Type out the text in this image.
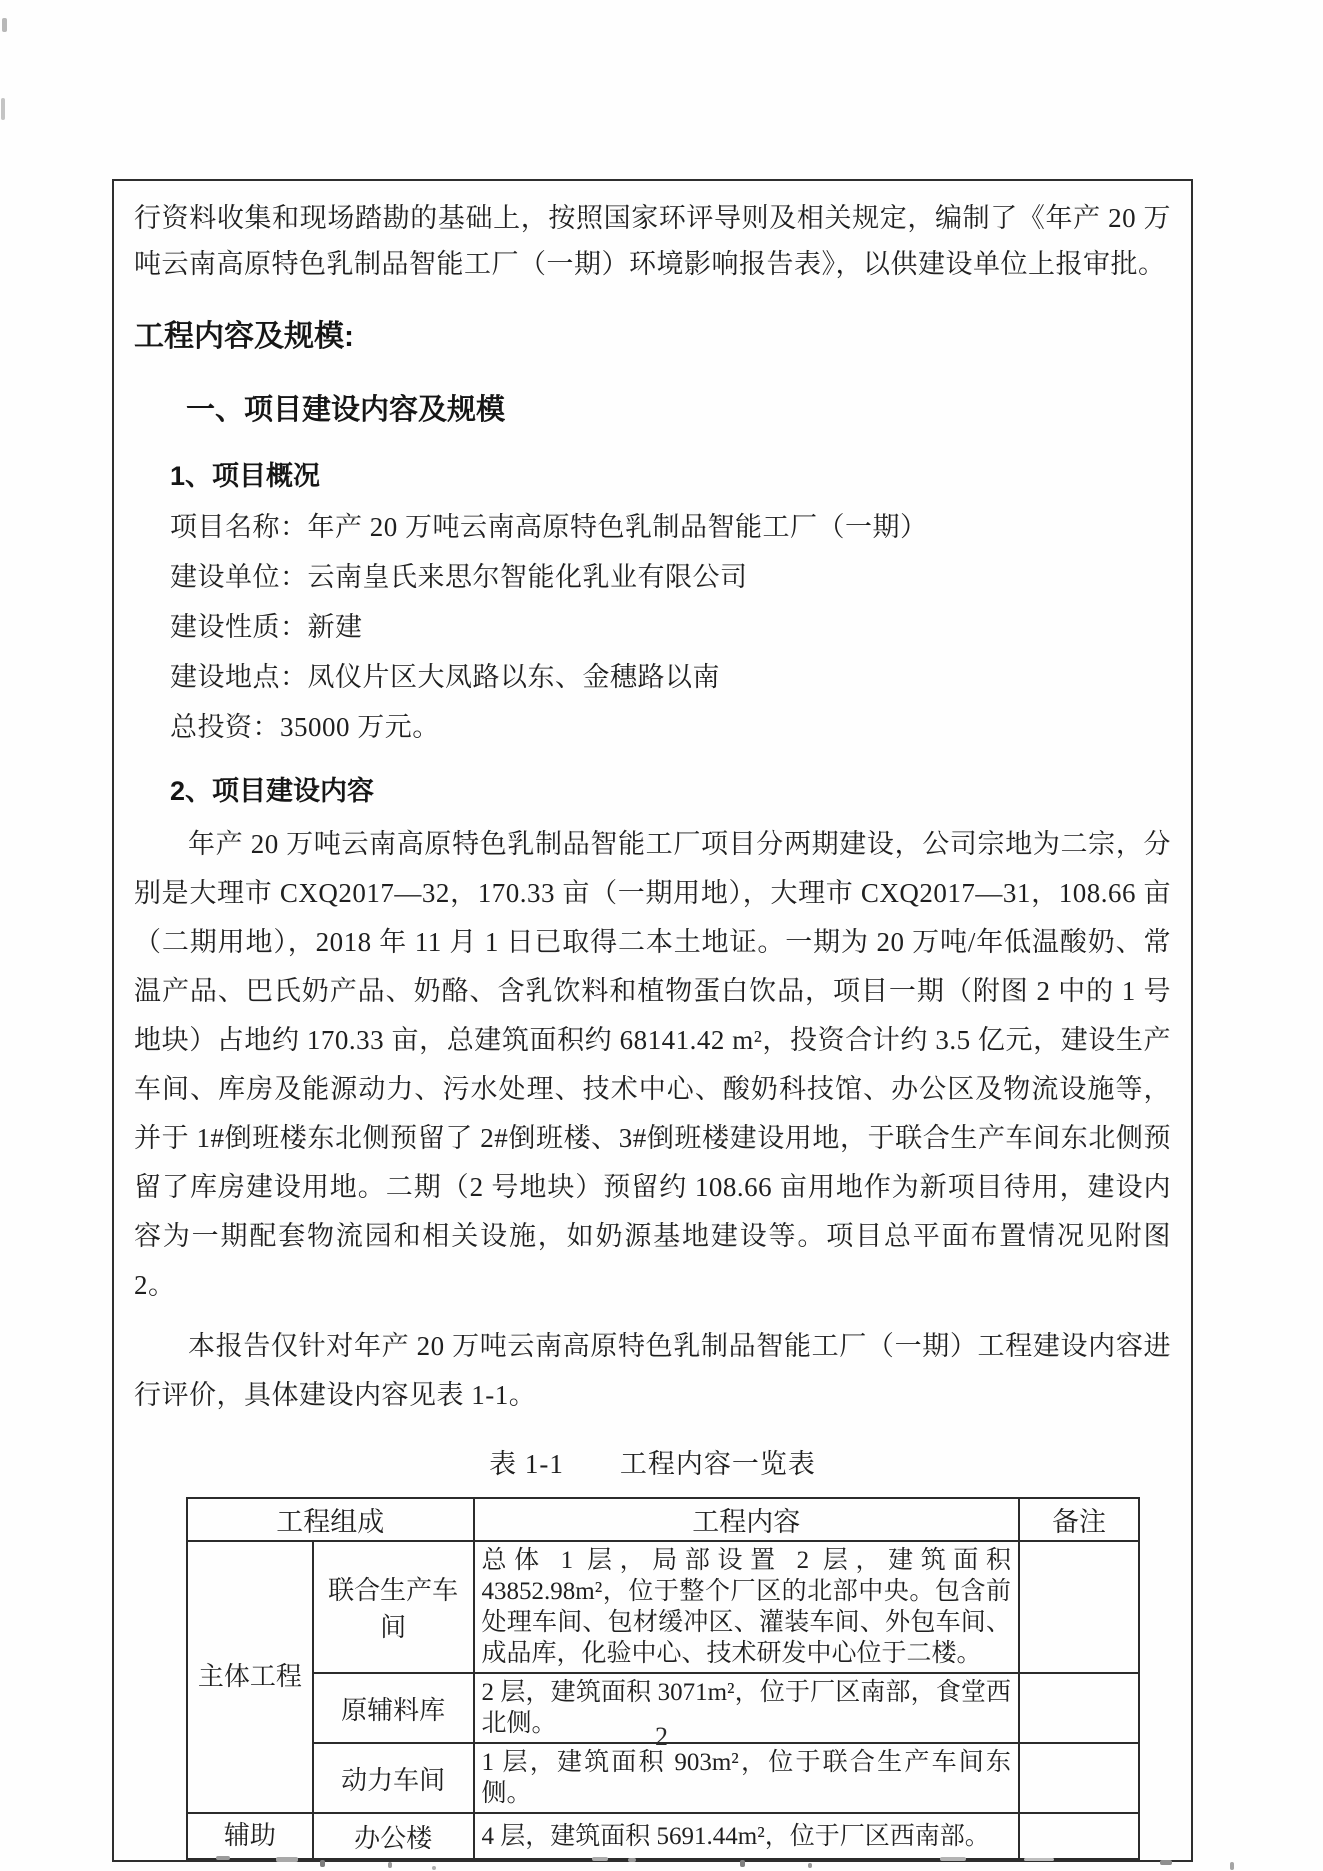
行资料收集和现场踏勘的基础上，按照国家环评导则及相关规定，编制了《年产 20 万吨云南高原特色乳制品智能工厂（一期）环境影响报告表》，以供建设单位上报审批。

工程内容及规模:
一、项目建设内容及规模
1、项目概况

项目名称：年产 20 万吨云南高原特色乳制品智能工厂（一期）

建设单位：云南皇氏来思尔智能化乳业有限公司

建设性质：新建

建设地点：凤仪片区大凤路以东、金穗路以南

总投资：35000 万元。

2、项目建设内容

年产 20 万吨云南高原特色乳制品智能工厂项目分两期建设，公司宗地为二宗，分别是大理市 CXQ2017—32，170.33 亩（一期用地），大理市 CXQ2017—31，108.66 亩（二期用地），2018 年 11 月 1 日已取得二本土地证。一期为 20 万吨/年低温酸奶、常温产品、巴氏奶产品、奶酪、含乳饮料和植物蛋白饮品，项目一期（附图 2 中的 1 号地块）占地约 170.33 亩，总建筑面积约 68141.42 m²，投资合计约 3.5 亿元，建设生产车间、库房及能源动力、污水处理、技术中心、酸奶科技馆、办公区及物流设施等，并于 1#倒班楼东北侧预留了 2#倒班楼、3#倒班楼建设用地，于联合生产车间东北侧预留了库房建设用地。二期（2 号地块）预留约 108.66 亩用地作为新项目待用，建设内容为一期配套物流园和相关设施，如奶源基地建设等。项目总平面布置情况见附图 2。

本报告仅针对年产 20 万吨云南高原特色乳制品智能工厂（一期）工程建设内容进行评价，具体建设内容见表 1-1。

表 1-1　　工程内容一览表
工程组成		工程内容	备注
主体工程	联合生产车间	总体 1 层，局部设置 2 层，建筑面积 43852.98m²，位于整个厂区的北部中央。包含前处理车间、包材缓冲区、灌装车间、外包车间、成品库，化验中心、技术研发中心位于二楼。	
	原辅料库	2 层，建筑面积 3071m²，位于厂区南部，食堂西北侧。	
	动力车间	1 层，建筑面积 903m²，位于联合生产车间东侧。	
辅助	办公楼	4 层，建筑面积 5691.44m²，位于厂区西南部。	
2
